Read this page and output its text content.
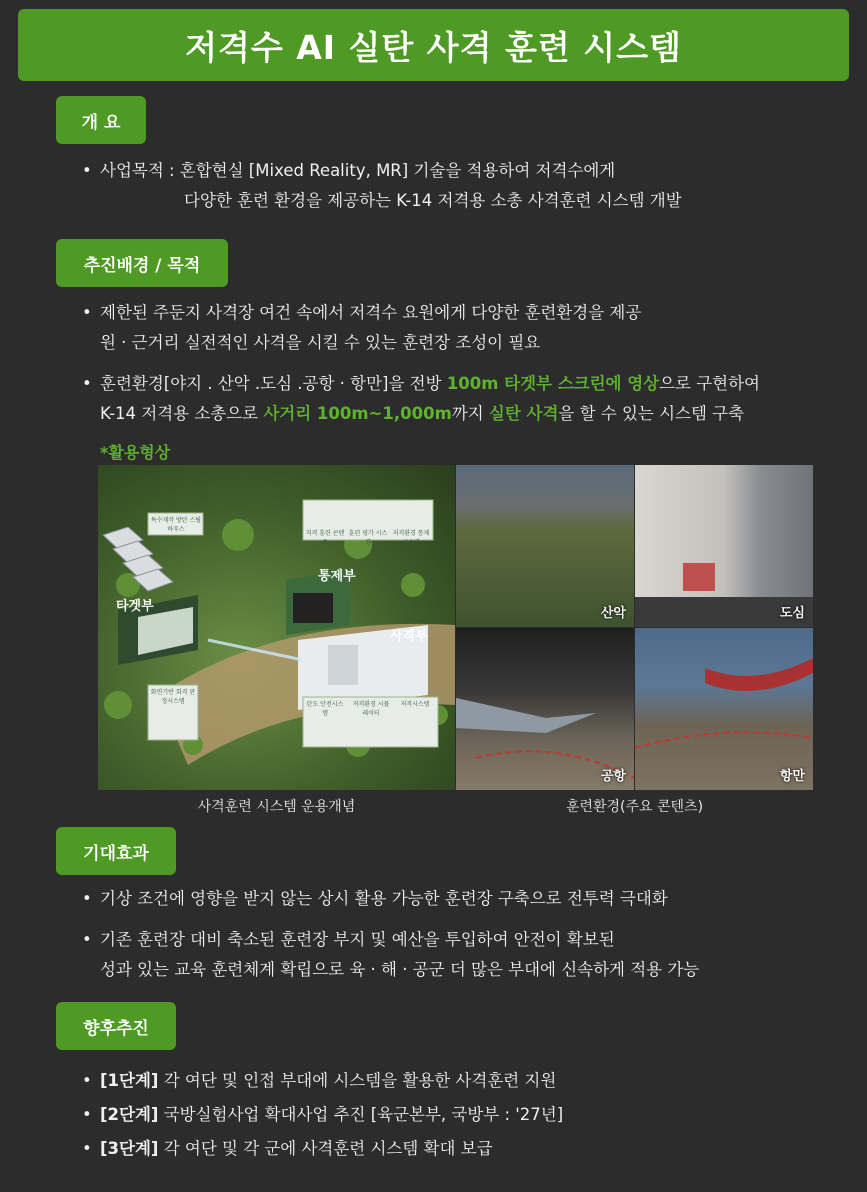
저격수 AI 실탄 사격 훈련 시스템
개 요
• 사업목적 : 혼합현실 [Mixed Reality, MR] 기술을 적용하여 저격수에게
다양한 훈련 환경을 제공하는 K-14 저격용 소총 사격훈련 시스템 개발
추진배경 / 목적
• 제한된 주둔지 사격장 여건 속에서 저격수 요원에게 다양한 훈련환경을 제공
원 · 근거리 실전적인 사격을 시킬 수 있는 훈련장 조성이 필요
• 훈련환경[야지 . 산악 .도심 .공항 · 항만]을 전방 100m 타겟부 스크린에 영상으로 구현하여
K-14 저격용 소총으로 사거리 100m~1,000m까지 실탄 사격을 할 수 있는 시스템 구축
*활용형상
타겟부
통제부
사격부
특수재작 방탄 스틸 하우스
화면기반 회격 판정시스템
저격 훈련 콘텐츠
훈련 평가 시스템
저격환경 통제시스템
탄도 안전시스템
저격환경 시뮬레이터
저격시스템
산악	도심
공항	항만
사격훈련 시스템 운용개념	훈련환경(주요 콘텐츠)
기대효과
• 기상 조건에 영향을 받지 않는 상시 활용 가능한 훈련장 구축으로 전투력 극대화
• 기존 훈련장 대비 축소된 훈련장 부지 및 예산을 투입하여 안전이 확보된
성과 있는 교육 훈련체계 확립으로 육 · 해 · 공군 더 많은 부대에 신속하게 적용 가능
향후추진
• [1단계] 각 여단 및 인접 부대에 시스템을 활용한 사격훈련 지원
• [2단계] 국방실험사업 확대사업 추진 [육군본부, 국방부 : '27년]
• [3단계] 각 여단 및 각 군에 사격훈련 시스템 확대 보급
